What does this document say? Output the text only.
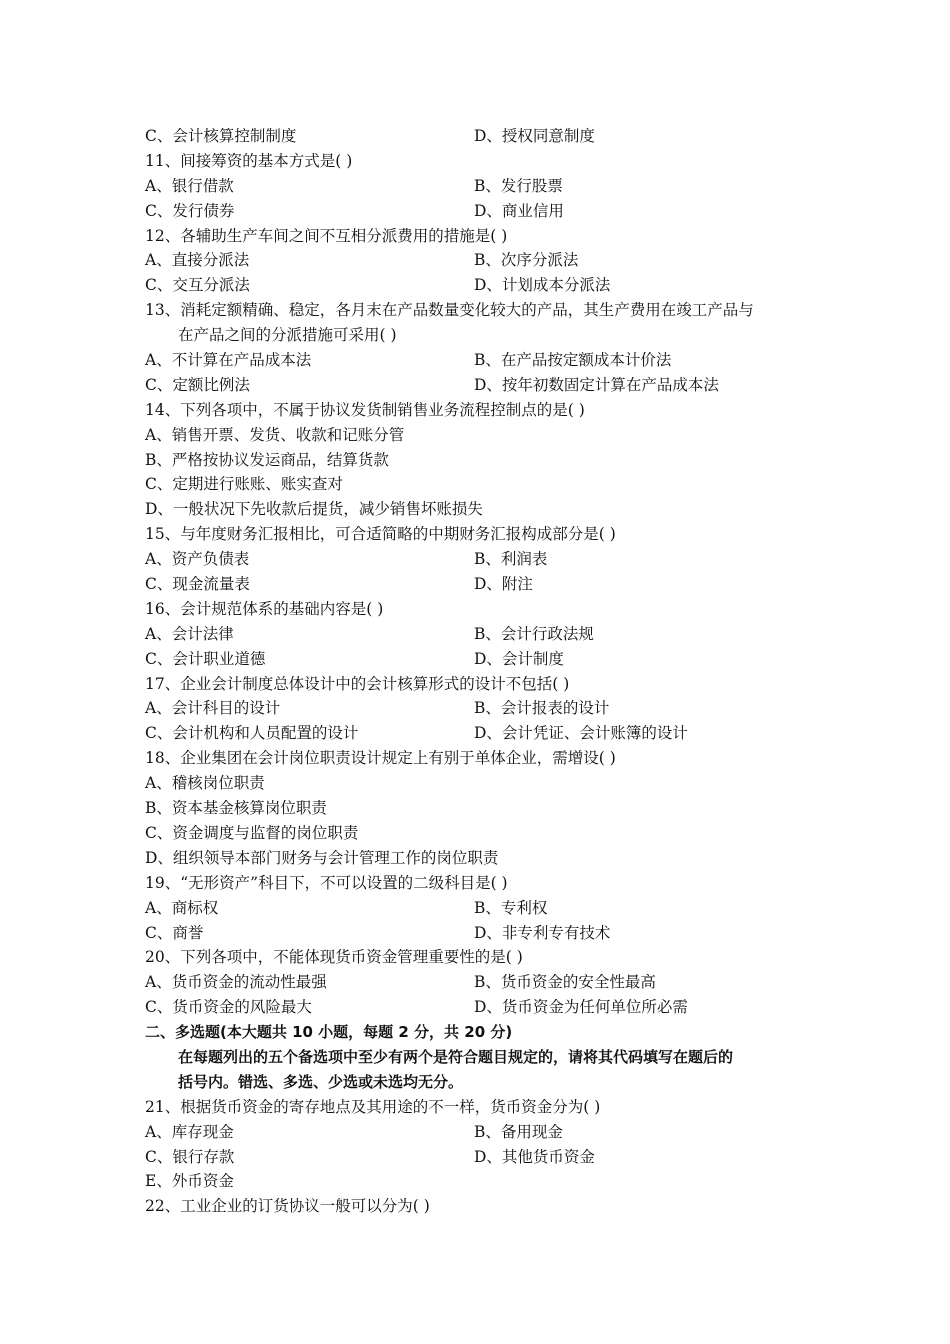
C、会计核算控制制度	D、授权同意制度
11、间接筹资的基本方式是( )
A、银行借款	B、发行股票
C、发行债券	D、商业信用
12、各辅助生产车间之间不互相分派费用的措施是( )
A、直接分派法	B、次序分派法
C、交互分派法	D、计划成本分派法
13、消耗定额精确、稳定，各月末在产品数量变化较大的产品，其生产费用在竣工产品与
在产品之间的分派措施可采用( )
A、不计算在产品成本法	B、在产品按定额成本计价法
C、定额比例法	D、按年初数固定计算在产品成本法
14、下列各项中，不属于协议发货制销售业务流程控制点的是( )
A、销售开票、发货、收款和记账分管
B、严格按协议发运商品，结算货款
C、定期进行账账、账实查对
D、一般状况下先收款后提货，减少销售坏账损失
15、与年度财务汇报相比，可合适简略的中期财务汇报构成部分是( )
A、资产负债表	B、利润表
C、现金流量表	D、附注
16、会计规范体系的基础内容是( )
A、会计法律	B、会计行政法规
C、会计职业道德	D、会计制度
17、企业会计制度总体设计中的会计核算形式的设计不包括( )
A、会计科目的设计	B、会计报表的设计
C、会计机构和人员配置的设计	D、会计凭证、会计账簿的设计
18、企业集团在会计岗位职责设计规定上有别于单体企业，需增设( )
A、稽核岗位职责
B、资本基金核算岗位职责
C、资金调度与监督的岗位职责
D、组织领导本部门财务与会计管理工作的岗位职责
19、“无形资产”科目下，不可以设置的二级科目是( )
A、商标权	B、专利权
C、商誉	D、非专利专有技术
20、下列各项中，不能体现货币资金管理重要性的是( )
A、货币资金的流动性最强	B、货币资金的安全性最高
C、货币资金的风险最大	D、货币资金为任何单位所必需
二、多选题(本大题共 10 小题，每题 2 分，共 20 分)
在每题列出的五个备选项中至少有两个是符合题目规定的，请将其代码填写在题后的
括号内。错选、多选、少选或未选均无分。
21、根据货币资金的寄存地点及其用途的不一样，货币资金分为( )
A、库存现金	B、备用现金
C、银行存款	D、其他货币资金
E、外币资金
22、工业企业的订货协议一般可以分为( )
